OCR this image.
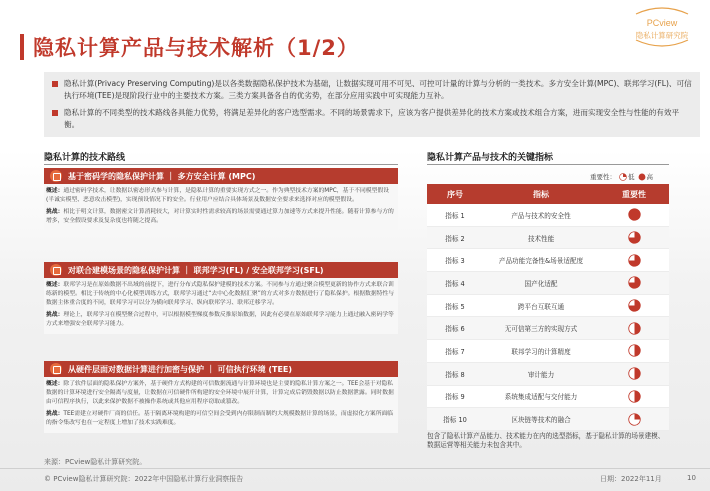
隐私计算产品与技术解析（1/2）
PCview
隐私计算研究院
隐私计算(Privacy Preserving Computing)是以各类数据隐私保护技术为基础，让数据实现可用不可见、可控可计量的计算与分析的一类技术。多方安全计算(MPC)、联邦学习(FL)、可信执行环境(TEE)是现阶段行业中的主要技术方案。三类方案具备各自的优劣势，在部分应用实践中可实现能力互补。
隐私计算的不同类型的技术路线各具能力优势，将满足差异化的客户选型需求。不同的场景需求下，应该为客户提供差异化的技术方案或技术组合方案，进而实现安全性与性能的有效平衡。
隐私计算的技术路线
基于密码学的隐私保护计算 ｜ 多方安全计算 (MPC)
概述：通过密码学技术，让数据以密态形式参与计算，是隐私计算的重要实现方式之一。作为典型技术方案的MPC，基于不同模型假设(半诚实模型、恶意攻击模型)，实现预设情况下的安全。行业用户应结合具体场景及数据安全要求来选择对应的模型假设。
挑战：相比于明文计算，数据密文计算消耗较大，对计算实时性需求较高的场景需要通过算力加速等方式来提升性能。随着计算参与方的增多，安全假设要求及复杂度也将随之提高。
对联合建模场景的隐私保护计算 ｜ 联邦学习(FL) / 安全联邦学习(SFL)
概述：联邦学习是在原始数据不出域的前提下，进行分布式隐私保护建模的技术方案。不同参与方通过聚合模型更新的协作方式来联合训练新的模型。相比于传统的中心化模型训练方式，联邦学习通过“去中心化数据汇聚”的方式对多方数据进行了隐私保护。根据数据特性与数据主体重合度的不同，联邦学习可以分为横向联邦学习、纵向联邦学习、联邦迁移学习。
挑战：理论上，联邦学习在模型聚合过程中，可以根据模型梯度参数反推原始数据，因此有必要在原始联邦学习能力上通过融入密码学等方式来增强安全联邦学习能力。
从硬件层面对数据计算进行加密与保护 ｜ 可信执行环境 (TEE)
概述：除了软件层面的隐私保护方案外，基于硬件方式构建的可信数据流通与计算环境也是主要的隐私计算方案之一。TEE会基于对隐私数据的计算环境进行安全隔离与度量，让数据在可信硬件所构建的安全环境中展开计算，计算完成后销毁数据以防止数据泄露。同时数据由可信程序执行，以此来保护数据不被操作系统或其他应用程序窃取或篡改。
挑战：TEE需建立对硬件厂商的信任。基于隔离环境构建的可信空间会受到内存限制而制约大规模数据计算的场景，而虚拟化方案所面临的指令集改写也在一定程度上增加了技术实践难度。
隐私计算产品与技术的关键指标
重要性： 低 高
序号	指标	重要性
指标 1	产品与技术的安全性
指标 2	技术性能
指标 3	产品功能完备性&场景适配度
指标 4	国产化适配
指标 5	跨平台互联互通
指标 6	无可信第三方的实现方式
指标 7	联邦学习的计算精度
指标 8	审计能力
指标 9	系统集成适配与交付能力
指标 10	区块链等技术的融合
包含了隐私计算产品能力、技术能力在内的选型指标，基于隐私计算的场景建模、数据运营等相关能力未包含其中。
来源：PCview隐私计算研究院。
© PCview隐私计算研究院：2022年中国隐私计算行业洞察报告	日期：2022年11月	10
